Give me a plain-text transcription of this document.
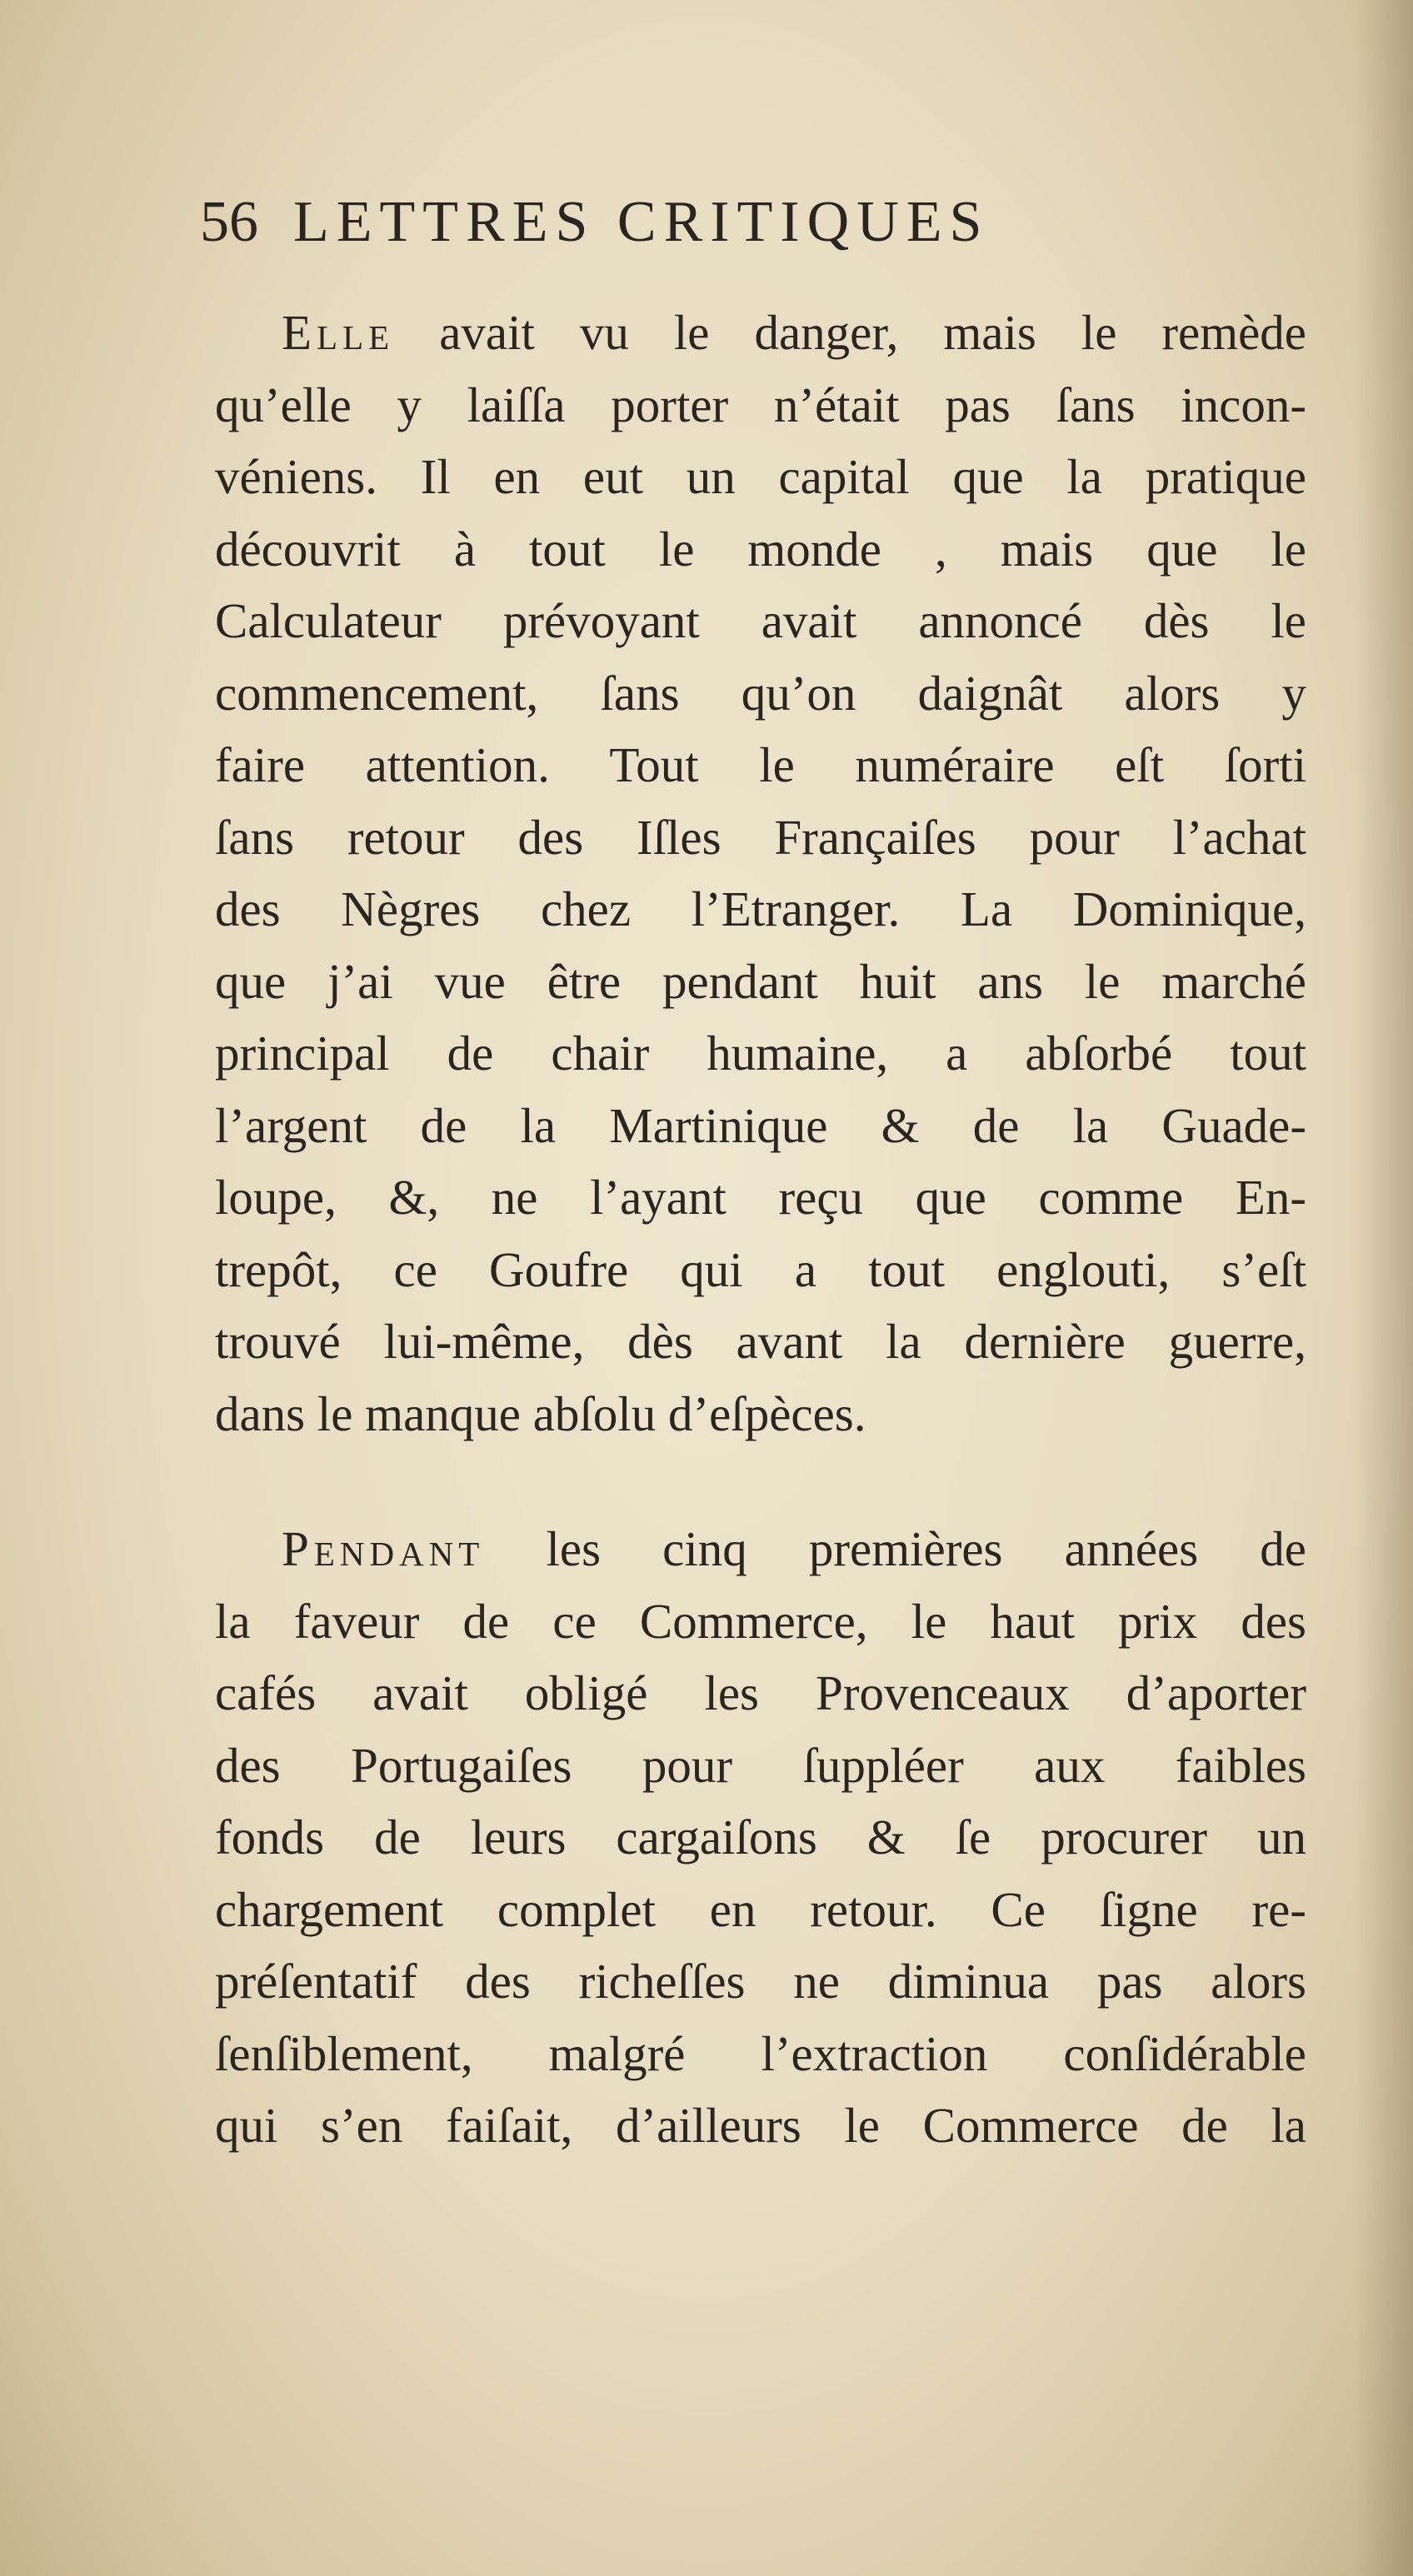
56 LETTRES CRITIQUES
Elle avait vu le danger, mais le remède
qu’elle y laiſſa porter n’était pas ſans incon-
véniens. Il en eut un capital que la pratique
découvrit à tout le monde , mais que le
Calculateur prévoyant avait annoncé dès le
commencement, ſans qu’on daignât alors y
faire attention. Tout le numéraire eſt ſorti
ſans retour des Iſles Françaiſes pour l’achat
des Nègres chez l’Etranger. La Dominique,
que j’ai vue être pendant huit ans le marché
principal de chair humaine, a abſorbé tout
l’argent de la Martinique & de la Guade-
loupe, &, ne l’ayant reçu que comme En-
trepôt, ce Goufre qui a tout englouti, s’eſt
trouvé lui-même, dès avant la dernière guerre,
dans le manque abſolu d’eſpèces.
Pendant les cinq premières années de
la faveur de ce Commerce, le haut prix des
cafés avait obligé les Provenceaux d’aporter
des Portugaiſes pour ſuppléer aux faibles
fonds de leurs cargaiſons & ſe procurer un
chargement complet en retour. Ce ſigne re-
préſentatif des richeſſes ne diminua pas alors
ſenſiblement, malgré l’extraction conſidérable
qui s’en faiſait, d’ailleurs le Commerce de la
